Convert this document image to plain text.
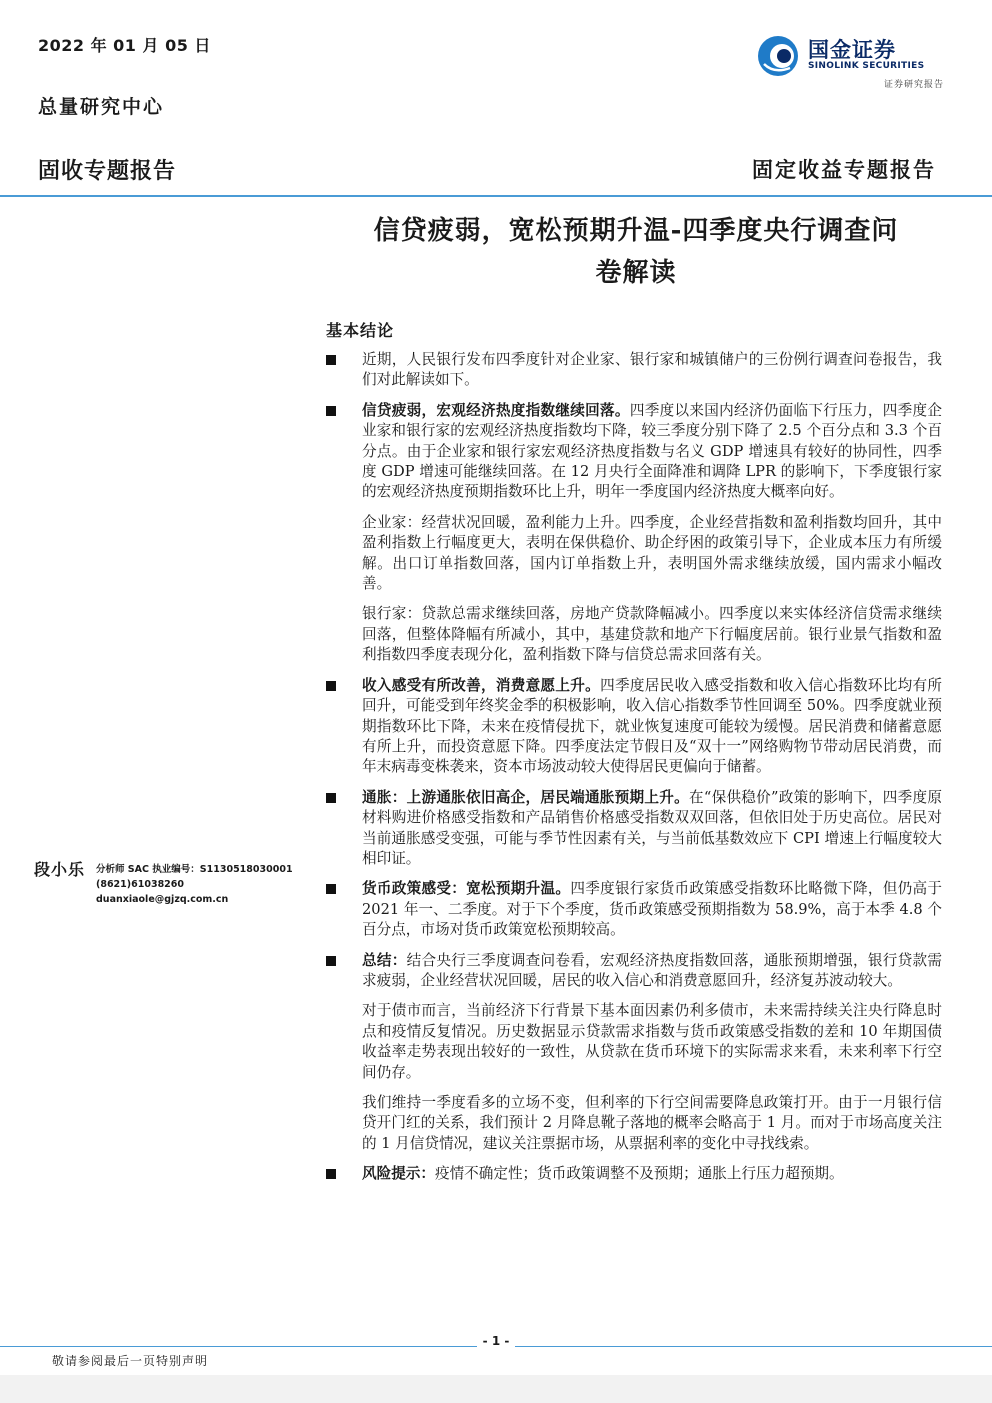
2022 年 01 月 05 日
总量研究中心
国金证券
SINOLINK SECURITIES
证券研究报告
固收专题报告	固定收益专题报告
信贷疲弱，宽松预期升温-四季度央行调查问
卷解读
基本结论
近期，人民银行发布四季度针对企业家、银行家和城镇储户的三份例行调查问卷报告，我们对此解读如下。
信贷疲弱，宏观经济热度指数继续回落。四季度以来国内经济仍面临下行压力，四季度企业家和银行家的宏观经济热度指数均下降，较三季度分别下降了 2.5 个百分点和 3.3 个百分点。由于企业家和银行家宏观经济热度指数与名义 GDP 增速具有较好的协同性，四季度 GDP 增速可能继续回落。在 12 月央行全面降准和调降 LPR 的影响下，下季度银行家的宏观经济热度预期指数环比上升，明年一季度国内经济热度大概率向好。
企业家：经营状况回暖，盈利能力上升。四季度，企业经营指数和盈利指数均回升，其中盈利指数上行幅度更大，表明在保供稳价、助企纾困的政策引导下，企业成本压力有所缓解。出口订单指数回落，国内订单指数上升，表明国外需求继续放缓，国内需求小幅改善。
银行家：贷款总需求继续回落，房地产贷款降幅减小。四季度以来实体经济信贷需求继续回落，但整体降幅有所减小，其中，基建贷款和地产下行幅度居前。银行业景气指数和盈利指数四季度表现分化，盈利指数下降与信贷总需求回落有关。
收入感受有所改善，消费意愿上升。四季度居民收入感受指数和收入信心指数环比均有所回升，可能受到年终奖金季的积极影响，收入信心指数季节性回调至 50%。四季度就业预期指数环比下降，未来在疫情侵扰下，就业恢复速度可能较为缓慢。居民消费和储蓄意愿有所上升，而投资意愿下降。四季度法定节假日及“双十一”网络购物节带动居民消费，而年末病毒变株袭来，资本市场波动较大使得居民更偏向于储蓄。
通胀：上游通胀依旧高企，居民端通胀预期上升。在“保供稳价”政策的影响下，四季度原材料购进价格感受指数和产品销售价格感受指数双双回落，但依旧处于历史高位。居民对当前通胀感受变强，可能与季节性因素有关，与当前低基数效应下 CPI 增速上行幅度较大相印证。
货币政策感受：宽松预期升温。四季度银行家货币政策感受指数环比略微下降，但仍高于 2021 年一、二季度。对于下个季度，货币政策感受预期指数为 58.9%，高于本季 4.8 个百分点，市场对货币政策宽松预期较高。
总结：结合央行三季度调查问卷看，宏观经济热度指数回落，通胀预期增强，银行贷款需求疲弱，企业经营状况回暖，居民的收入信心和消费意愿回升，经济复苏波动较大。
对于债市而言，当前经济下行背景下基本面因素仍利多债市，未来需持续关注央行降息时点和疫情反复情况。历史数据显示贷款需求指数与货币政策感受指数的差和 10 年期国债收益率走势表现出较好的一致性，从贷款在货币环境下的实际需求来看，未来利率下行空间仍存。
我们维持一季度看多的立场不变，但利率的下行空间需要降息政策打开。由于一月银行信贷开门红的关系，我们预计 2 月降息靴子落地的概率会略高于 1 月。而对于市场高度关注的 1 月信贷情况，建议关注票据市场，从票据利率的变化中寻找线索。
风险提示：疫情不确定性；货币政策调整不及预期；通胀上行压力超预期。
段小乐 分析师 SAC 执业编号：S1130518030001
(8621)61038260
duanxiaole@gjzq.com.cn
- 1 -
敬请参阅最后一页特别声明
